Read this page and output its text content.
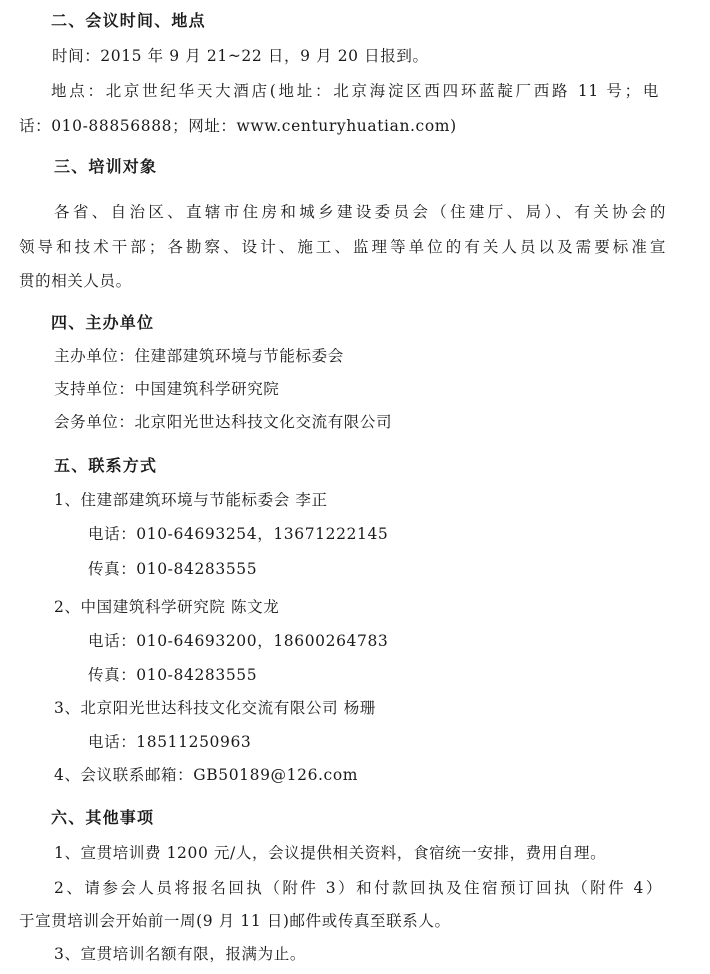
二、会议时间、地点
时间：2015 年 9 月 21~22 日，9 月 20 日报到。
地点：北京世纪华天大酒店(地址：北京海淀区西四环蓝靛厂西路 11 号；电
话：010-88856888；网址：www.centuryhuatian.com)
三、培训对象
各省、自治区、直辖市住房和城乡建设委员会（住建厅、局）、有关协会的
领导和技术干部；各勘察、设计、施工、监理等单位的有关人员以及需要标准宣
贯的相关人员。
四、主办单位
主办单位：住建部建筑环境与节能标委会
支持单位：中国建筑科学研究院
会务单位：北京阳光世达科技文化交流有限公司
五、联系方式
1、住建部建筑环境与节能标委会 李正
电话：010-64693254，13671222145
传真：010-84283555
2、中国建筑科学研究院 陈文龙
电话：010-64693200，18600264783
传真：010-84283555
3、北京阳光世达科技文化交流有限公司 杨珊
电话：18511250963
4、会议联系邮箱：GB50189@126.com
六、其他事项
1、宣贯培训费 1200 元/人，会议提供相关资料，食宿统一安排，费用自理。
2、请参会人员将报名回执（附件 3）和付款回执及住宿预订回执（附件 4）
于宣贯培训会开始前一周(9 月 11 日)邮件或传真至联系人。
3、宣贯培训名额有限，报满为止。
